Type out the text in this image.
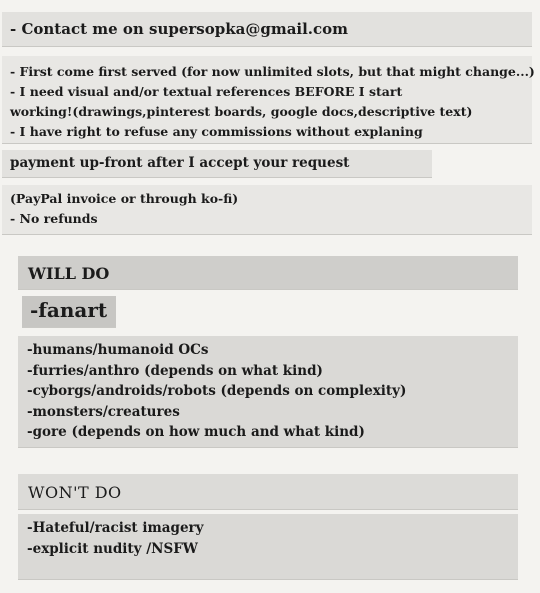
- Contact me on supersopka@gmail.com
- First come first served (for now unlimited slots, but that might change...)
- I need visual and/or textual references BEFORE I start
working!(drawings,pinterest boards, google docs,descriptive text)
- I have right to refuse any commissions without explaning
payment up-front after I accept your request
(PayPal invoice or through ko-fi)
- No refunds
WILL DO
-fanart
-humans/humanoid OCs
-furries/anthro (depends on what kind)
-cyborgs/androids/robots (depends on complexity)
-monsters/creatures
-gore (depends on how much and what kind)
WON'T DO
-Hateful/racist imagery
-explicit nudity /NSFW
